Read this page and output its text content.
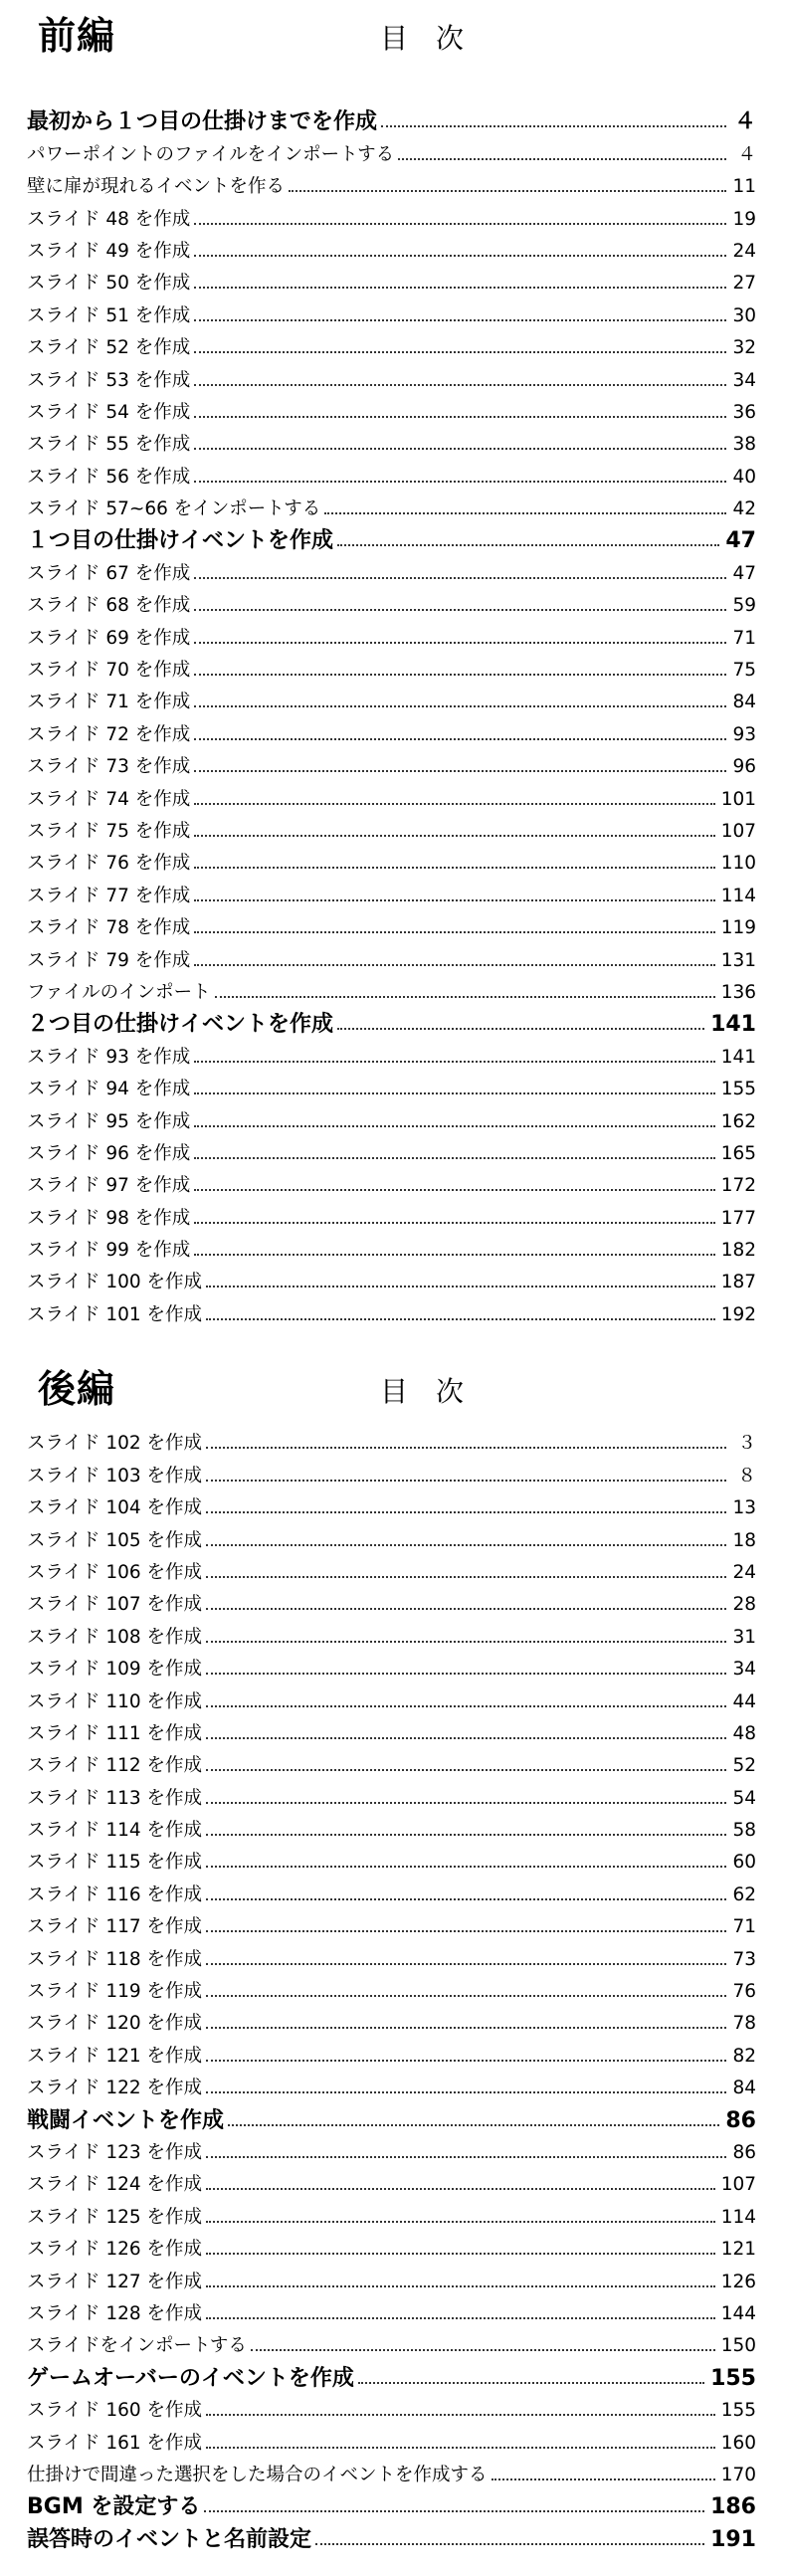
前編	目次
最初から１つ目の仕掛けまでを作成	４
パワーポイントのファイルをインポートする	４
壁に扉が現れるイベントを作る	11
スライド 48 を作成	19
スライド 49 を作成	24
スライド 50 を作成	27
スライド 51 を作成	30
スライド 52 を作成	32
スライド 53 を作成	34
スライド 54 を作成	36
スライド 55 を作成	38
スライド 56 を作成	40
スライド 57~66 をインポートする	42
１つ目の仕掛けイベントを作成	47
スライド 67 を作成	47
スライド 68 を作成	59
スライド 69 を作成	71
スライド 70 を作成	75
スライド 71 を作成	84
スライド 72 を作成	93
スライド 73 を作成	96
スライド 74 を作成	101
スライド 75 を作成	107
スライド 76 を作成	110
スライド 77 を作成	114
スライド 78 を作成	119
スライド 79 を作成	131
ファイルのインポート	136
２つ目の仕掛けイベントを作成	141
スライド 93 を作成	141
スライド 94 を作成	155
スライド 95 を作成	162
スライド 96 を作成	165
スライド 97 を作成	172
スライド 98 を作成	177
スライド 99 を作成	182
スライド 100 を作成	187
スライド 101 を作成	192
後編	目次
スライド 102 を作成	３
スライド 103 を作成	８
スライド 104 を作成	13
スライド 105 を作成	18
スライド 106 を作成	24
スライド 107 を作成	28
スライド 108 を作成	31
スライド 109 を作成	34
スライド 110 を作成	44
スライド 111 を作成	48
スライド 112 を作成	52
スライド 113 を作成	54
スライド 114 を作成	58
スライド 115 を作成	60
スライド 116 を作成	62
スライド 117 を作成	71
スライド 118 を作成	73
スライド 119 を作成	76
スライド 120 を作成	78
スライド 121 を作成	82
スライド 122 を作成	84
戦闘イベントを作成	86
スライド 123 を作成	86
スライド 124 を作成	107
スライド 125 を作成	114
スライド 126 を作成	121
スライド 127 を作成	126
スライド 128 を作成	144
スライドをインポートする	150
ゲームオーバーのイベントを作成	155
スライド 160 を作成	155
スライド 161 を作成	160
仕掛けで間違った選択をした場合のイベントを作成する	170
BGM を設定する	186
誤答時のイベントと名前設定	191
